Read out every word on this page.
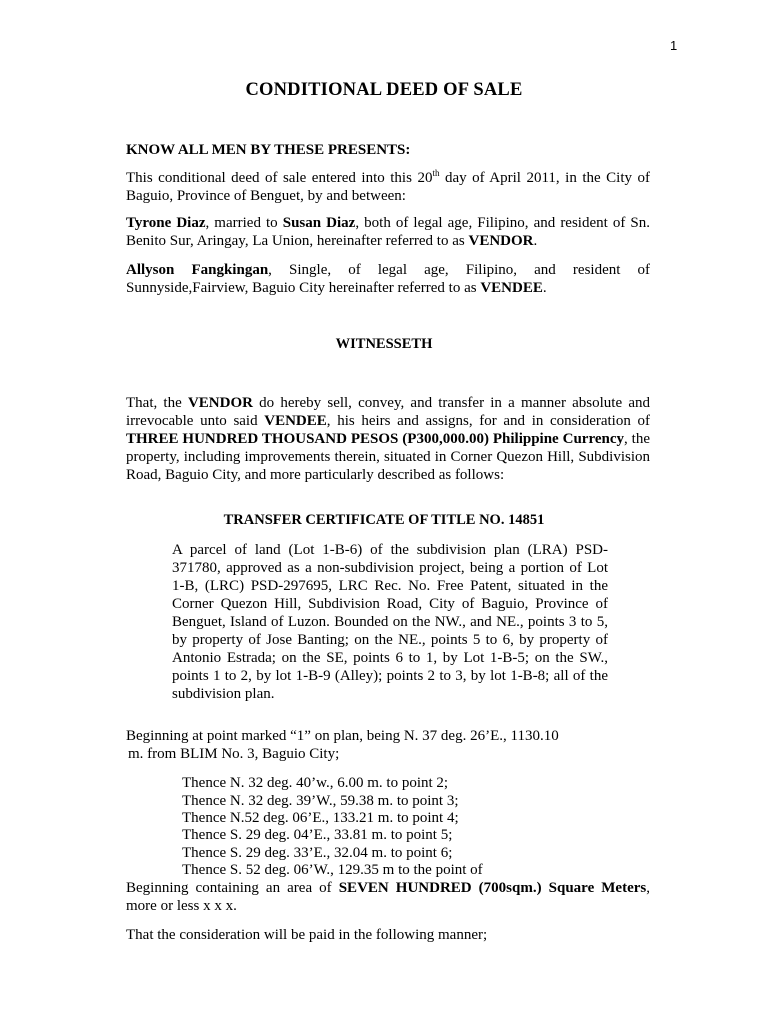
1
CONDITIONAL DEED OF SALE
KNOW ALL MEN BY THESE PRESENTS:
This conditional deed of sale entered into this 20th day of April 2011, in the City of Baguio, Province of Benguet, by and between:
Tyrone Diaz, married to Susan Diaz, both of legal age, Filipino, and resident of Sn. Benito Sur, Aringay, La Union, hereinafter referred to as VENDOR.
Allyson Fangkingan, Single, of legal age, Filipino, and resident of Sunnyside,Fairview, Baguio City hereinafter referred to as VENDEE.
WITNESSETH
That, the VENDOR do hereby sell, convey, and transfer in a manner absolute and irrevocable unto said VENDEE, his heirs and assigns, for and in consideration of THREE HUNDRED THOUSAND PESOS (P300,000.00) Philippine Currency, the property, including improvements therein, situated in Corner Quezon Hill, Subdivision Road, Baguio City, and more particularly described as follows:
TRANSFER CERTIFICATE OF TITLE NO. 14851
A parcel of land (Lot 1-B-6) of the subdivision plan (LRA) PSD-371780, approved as a non-subdivision project, being a portion of Lot 1-B, (LRC) PSD-297695, LRC Rec. No. Free Patent, situated in the Corner Quezon Hill, Subdivision Road, City of Baguio, Province of Benguet, Island of Luzon. Bounded on the NW., and NE., points 3 to 5, by property of Jose Banting; on the NE., points 5 to 6, by property of Antonio Estrada; on the SE, points 6 to 1, by Lot 1-B-5; on the SW., points 1 to 2, by lot 1-B-9 (Alley); points 2 to 3, by lot 1-B-8; all of the subdivision plan.
Beginning at point marked “1” on plan, being N. 37 deg. 26’E., 1130.10
m. from BLIM No. 3, Baguio City;
Thence N. 32 deg. 40’w., 6.00 m. to point 2;
Thence N. 32 deg. 39’W., 59.38 m. to point 3;
Thence N.52 deg. 06’E., 133.21 m. to point 4;
Thence S. 29 deg. 04’E., 33.81 m. to point 5;
Thence S. 29 deg. 33’E., 32.04 m. to point 6;
Thence S. 52 deg. 06’W., 129.35 m to the point of
Beginning containing an area of SEVEN HUNDRED (700sqm.) Square Meters, more or less x x x.
That the consideration will be paid in the following manner;
